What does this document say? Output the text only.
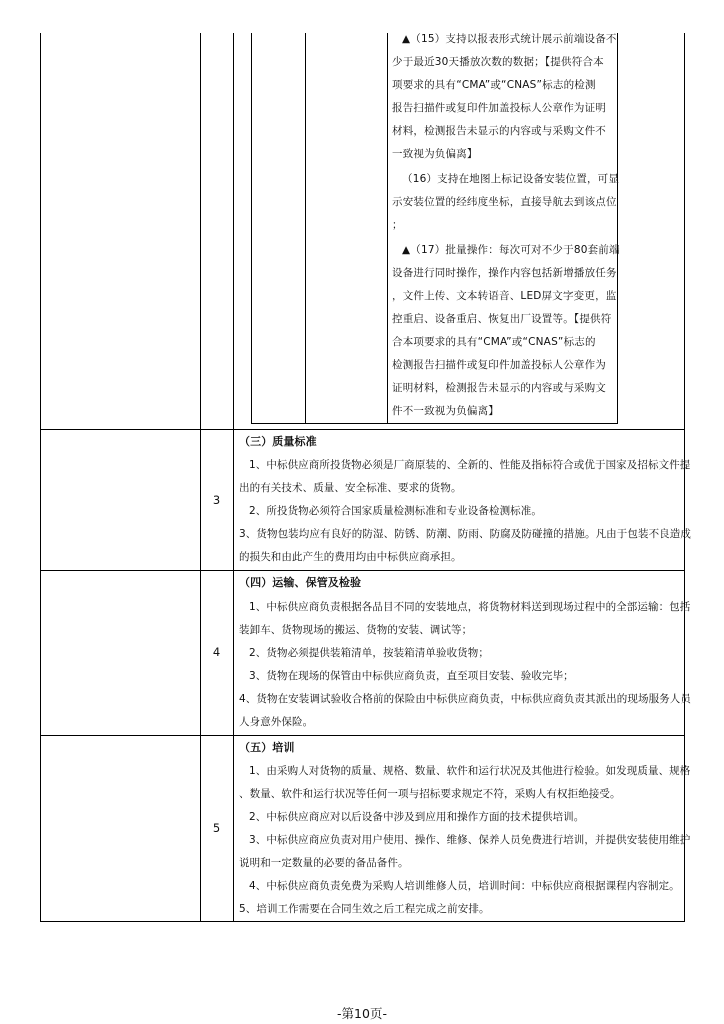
▲（15）支持以报表形式统计展示前端设备不
少于最近30天播放次数的数据；【提供符合本
项要求的具有“CMA”或“CNAS”标志的检测
报告扫描件或复印件加盖投标人公章作为证明
材料，检测报告未显示的内容或与采购文件不
一致视为负偏离】
（16）支持在地图上标记设备安装位置，可显
示安装位置的经纬度坐标，直接导航去到该点位
；
▲（17）批量操作：每次可对不少于80套前端
设备进行同时操作，操作内容包括新增播放任务
，文件上传、文本转语音、LED屏文字变更，监
控重启、设备重启、恢复出厂设置等。【提供符
合本项要求的具有“CMA”或“CNAS”标志的
检测报告扫描件或复印件加盖投标人公章作为
证明材料，检测报告未显示的内容或与采购文
件不一致视为负偏离】
3
（三）质量标准
1、中标供应商所投货物必须是厂商原装的、全新的、性能及指标符合或优于国家及招标文件提
出的有关技术、质量、安全标准、要求的货物。
2、所投货物必须符合国家质量检测标准和专业设备检测标准。
3、货物包装均应有良好的防湿、防锈、防潮、防雨、防腐及防碰撞的措施。凡由于包装不良造成
的损失和由此产生的费用均由中标供应商承担。
4
（四）运输、保管及检验
1、中标供应商负责根据各品目不同的安装地点，将货物材料送到现场过程中的全部运输：包括
装卸车、货物现场的搬运、货物的安装、调试等；
2、货物必须提供装箱清单，按装箱清单验收货物；
3、货物在现场的保管由中标供应商负责，直至项目安装、验收完毕；
4、货物在安装调试验收合格前的保险由中标供应商负责，中标供应商负责其派出的现场服务人员
人身意外保险。
5
（五）培训
1、由采购人对货物的质量、规格、数量、软件和运行状况及其他进行检验。如发现质量、规格
、数量、软件和运行状况等任何一项与招标要求规定不符，采购人有权拒绝接受。
2、中标供应商应对以后设备中涉及到应用和操作方面的技术提供培训。
3、中标供应商应负责对用户使用、操作、维修、保养人员免费进行培训，并提供安装使用维护
说明和一定数量的必要的备品备件。
4、中标供应商负责免费为采购人培训维修人员，培训时间：中标供应商根据课程内容制定。
5、培训工作需要在合同生效之后工程完成之前安排。
-第10页-
